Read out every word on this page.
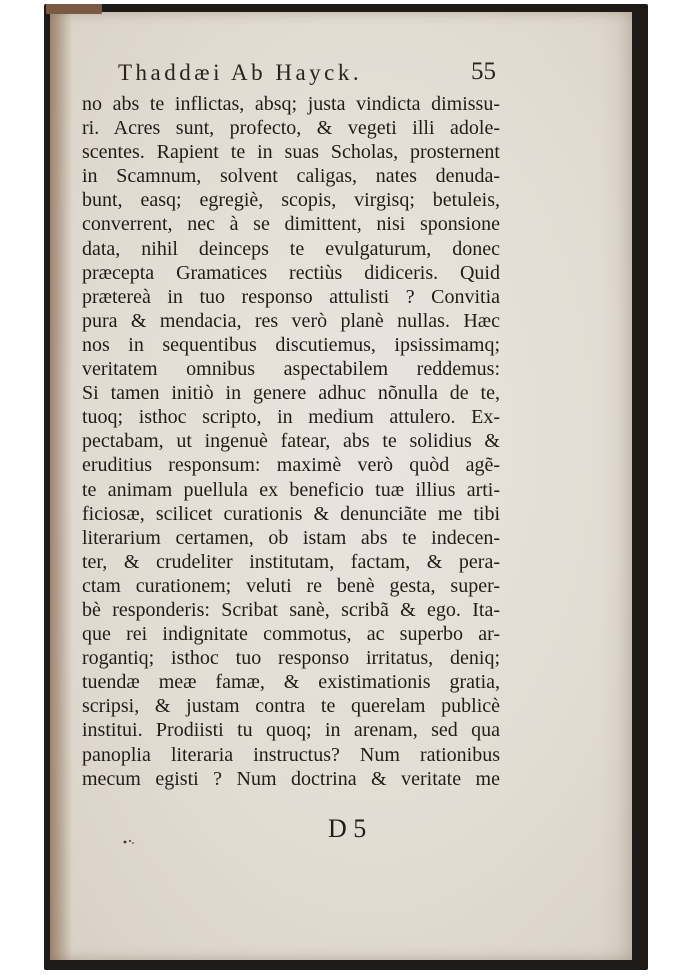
Thaddæi Ab Hayck.	55
no abs te inflictas, absq; justa vindicta dimissu-
ri. Acres sunt, profecto, & vegeti illi adole-
scentes. Rapient te in suas Scholas, prosternent
in Scamnum, solvent caligas, nates denuda-
bunt, easq; egregiè, scopis, virgisq; betuleis,
converrent, nec à se dimittent, nisi sponsione
data, nihil deinceps te evulgaturum, donec
præcepta Gramatices rectiùs didiceris. Quid
prætereà in tuo responso attulisti ? Convitia
pura & mendacia, res verò planè nullas. Hæc
nos in sequentibus discutiemus, ipsissimamq;
veritatem omnibus aspectabilem reddemus:
Si tamen initiò in genere adhuc nõnulla de te,
tuoq; isthoc scripto, in medium attulero. Ex-
pectabam, ut ingenuè fatear, abs te solidius &
eruditius responsum: maximè verò quòd agẽ-
te animam puellula ex beneficio tuæ illius arti-
ficiosæ, scilicet curationis & denunciãte me tibi
literarium certamen, ob istam abs te indecen-
ter, & crudeliter institutam, factam, & pera-
ctam curationem; veluti re benè gesta, super-
bè responderis: Scribat sanè, scribã & ego. Ita-
que rei indignitate commotus, ac superbo ar-
rogantiq; isthoc tuo responso irritatus, deniq;
tuendæ meæ famæ, & existimationis gratia,
scripsi, & justam contra te querelam publicè
institui. Prodiisti tu quoq; in arenam, sed qua
panoplia literaria instructus? Num rationibus
mecum egisti ? Num doctrina & veritate me
D 5
